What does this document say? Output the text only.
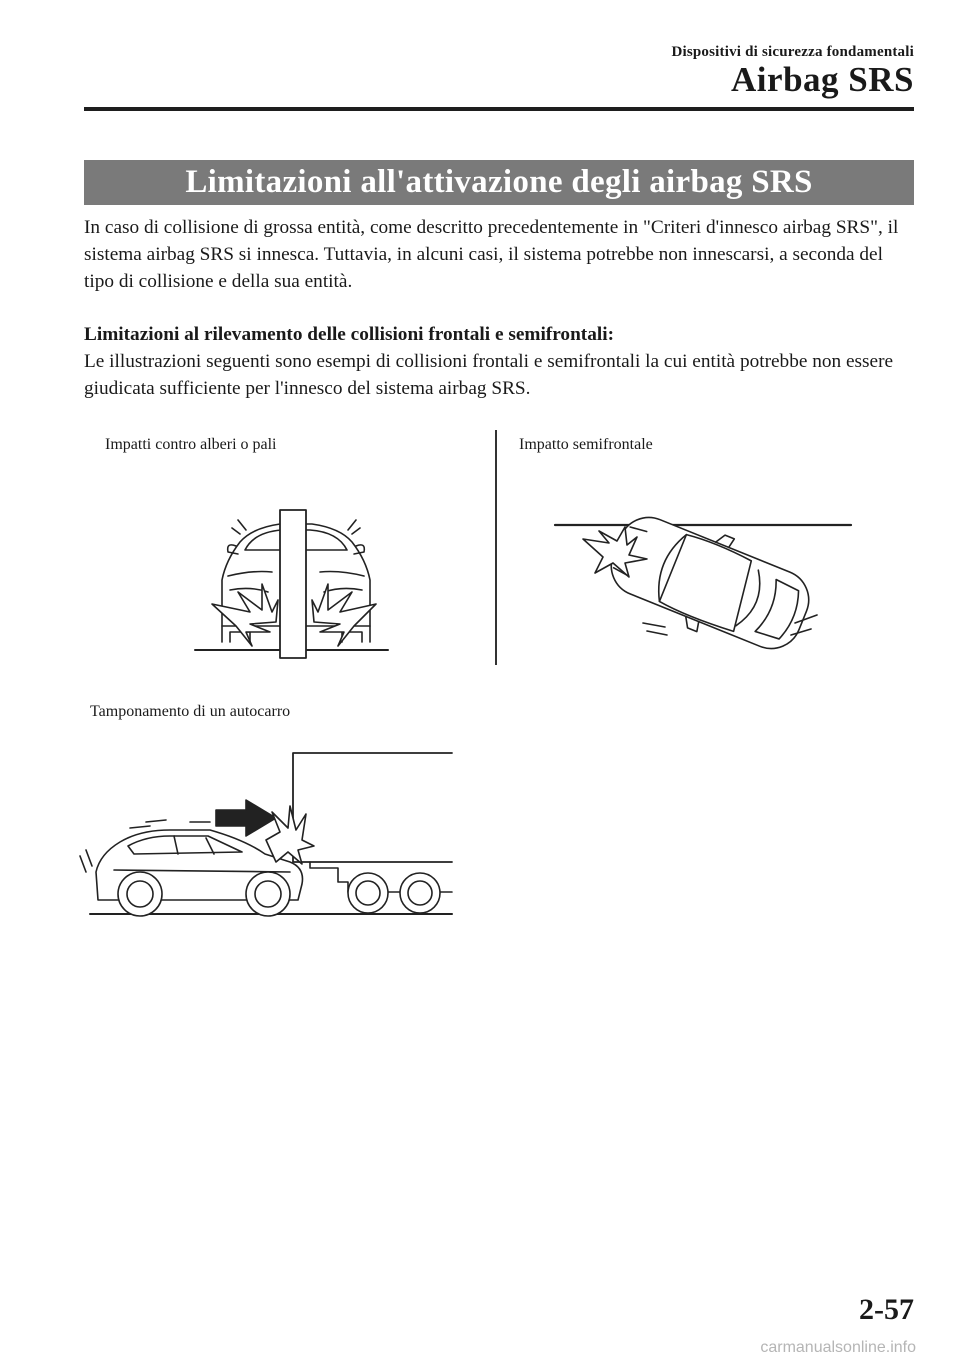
Dispositivi di sicurezza fondamentali
Airbag SRS
Limitazioni all'attivazione degli airbag SRS
In caso di collisione di grossa entità, come descritto precedentemente in "Criteri d'innesco airbag SRS", il sistema airbag SRS si innesca. Tuttavia, in alcuni casi, il sistema potrebbe non innescarsi, a seconda del tipo di collisione e della sua entità.
Limitazioni al rilevamento delle collisioni frontali e semifrontali:
Le illustrazioni seguenti sono esempi di collisioni frontali e semifrontali la cui entità potrebbe non essere giudicata sufficiente per l'innesco del sistema airbag SRS.
Impatti contro alberi o pali	Impatto semifrontale
Tamponamento di un autocarro
2-57
carmanualsonline.info
